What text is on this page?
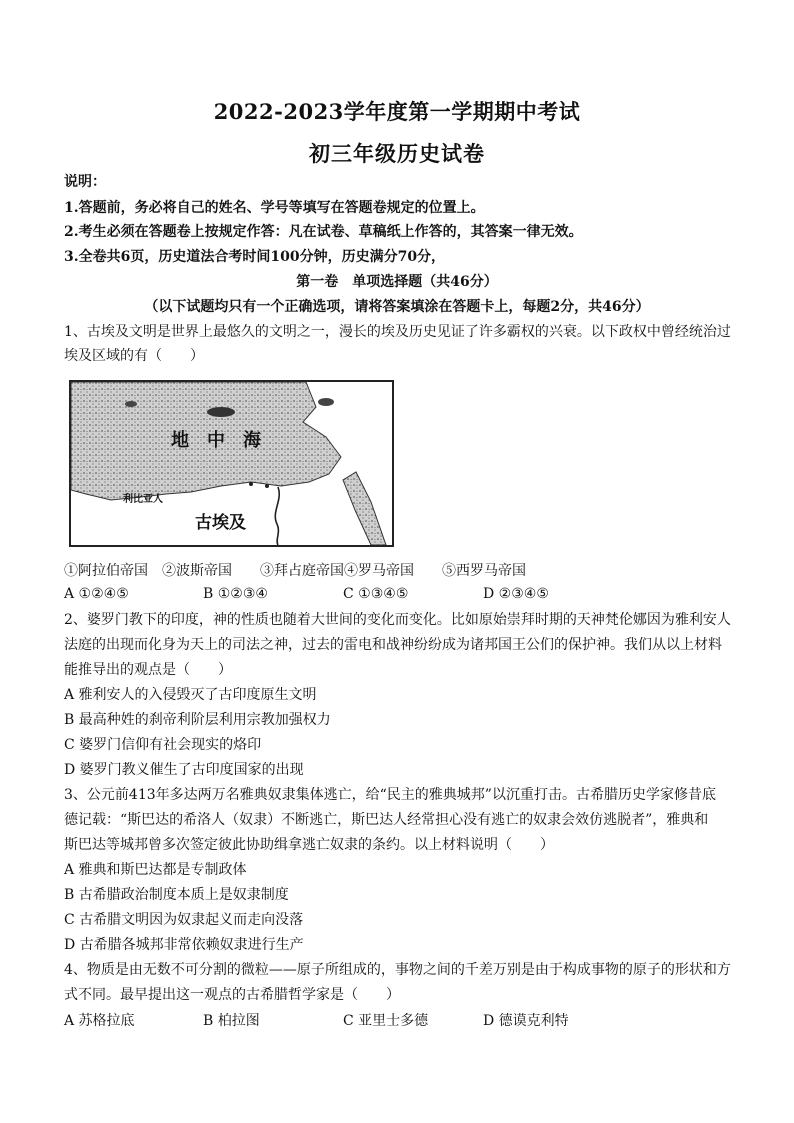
2022-2023学年度第一学期期中考试
初三年级历史试卷
说明：
1.答题前，务必将自己的姓名、学号等填写在答题卷规定的位置上。
2.考生必须在答题卷上按规定作答：凡在试卷、草稿纸上作答的，其答案一律无效。
3.全卷共6页，历史道法合考时间100分钟，历史满分70分，
第一卷　单项选择题（共46分）
（以下试题均只有一个正确选项，请将答案填涂在答题卡上，每题2分，共46分）
1、古埃及文明是世界上最悠久的文明之一，漫长的埃及历史见证了许多霸权的兴衰。以下政权中曾经统治过
埃及区域的有（　　）
地　中　海
利比亚人
古埃及
①阿拉伯帝国　②波斯帝国　　③拜占庭帝国④罗马帝国　　⑤西罗马帝国
A ①②④⑤	B ①②③④	C ①③④⑤	D ②③④⑤
2、婆罗门教下的印度，神的性质也随着大世间的变化而变化。比如原始崇拜时期的天神梵伦娜因为雅利安人
法庭的出现而化身为天上的司法之神，过去的雷电和战神纷纷成为诸邦国王公们的保护神。我们从以上材料
能推导出的观点是（　　）
A 雅利安人的入侵毁灭了古印度原生文明
B 最高种姓的刹帝利阶层利用宗教加强权力
C 婆罗门信仰有社会现实的烙印
D 婆罗门教义催生了古印度国家的出现
3、公元前413年多达两万名雅典奴隶集体逃亡，给“民主的雅典城邦”以沉重打击。古希腊历史学家修昔底
德记载：“斯巴达的希洛人（奴隶）不断逃亡，斯巴达人经常担心没有逃亡的奴隶会效仿逃脱者”，雅典和
斯巴达等城邦曾多次签定彼此协助缉拿逃亡奴隶的条约。以上材料说明（　　）
A 雅典和斯巴达都是专制政体
B 古希腊政治制度本质上是奴隶制度
C 古希腊文明因为奴隶起义而走向没落
D 古希腊各城邦非常依赖奴隶进行生产
4、物质是由无数不可分割的微粒——原子所组成的，事物之间的千差万别是由于构成事物的原子的形状和方
式不同。最早提出这一观点的古希腊哲学家是（　　）
A 苏格拉底	B 柏拉图	C 亚里士多德	D 德谟克利特
